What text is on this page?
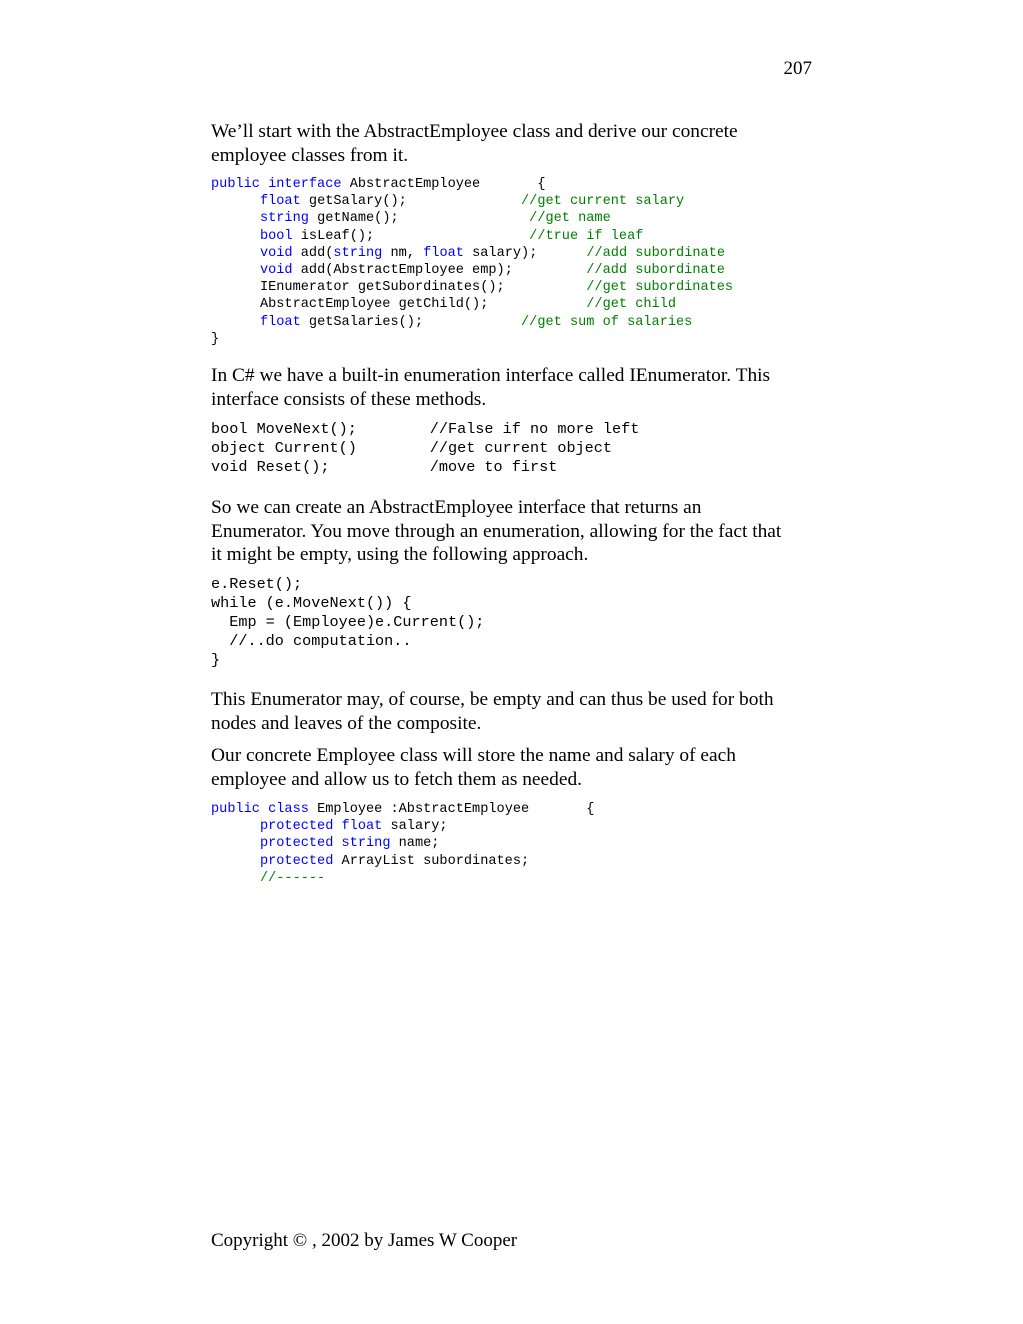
207

We’ll start with the AbstractEmployee class and derive our concrete
employee classes from it.

public interface AbstractEmployee       {
float getSalary();              //get current salary
string getName();                //get name
bool isLeaf();                   //true if leaf
void add(string nm, float salary);      //add subordinate
void add(AbstractEmployee emp);         //add subordinate
IEnumerator getSubordinates();          //get subordinates
AbstractEmployee getChild();            //get child
float getSalaries();            //get sum of salaries
}

In C# we have a built-in enumeration interface called IEnumerator. This
interface consists of these methods.

bool MoveNext();        //False if no more left
object Current()        //get current object
void Reset();           /move to first

So we can create an AbstractEmployee interface that returns an
Enumerator. You move through an enumeration, allowing for the fact that
it might be empty, using the following approach.

e.Reset();
while (e.MoveNext()) {
Emp = (Employee)e.Current();
//..do computation..
}

This Enumerator may, of course, be empty and can thus be used for both
nodes and leaves of the composite.

Our concrete Employee class will store the name and salary of each
employee and allow us to fetch them as needed.

public class Employee :AbstractEmployee       {
protected float salary;
protected string name;
protected ArrayList subordinates;
//------

Copyright © , 2002 by James W Cooper
